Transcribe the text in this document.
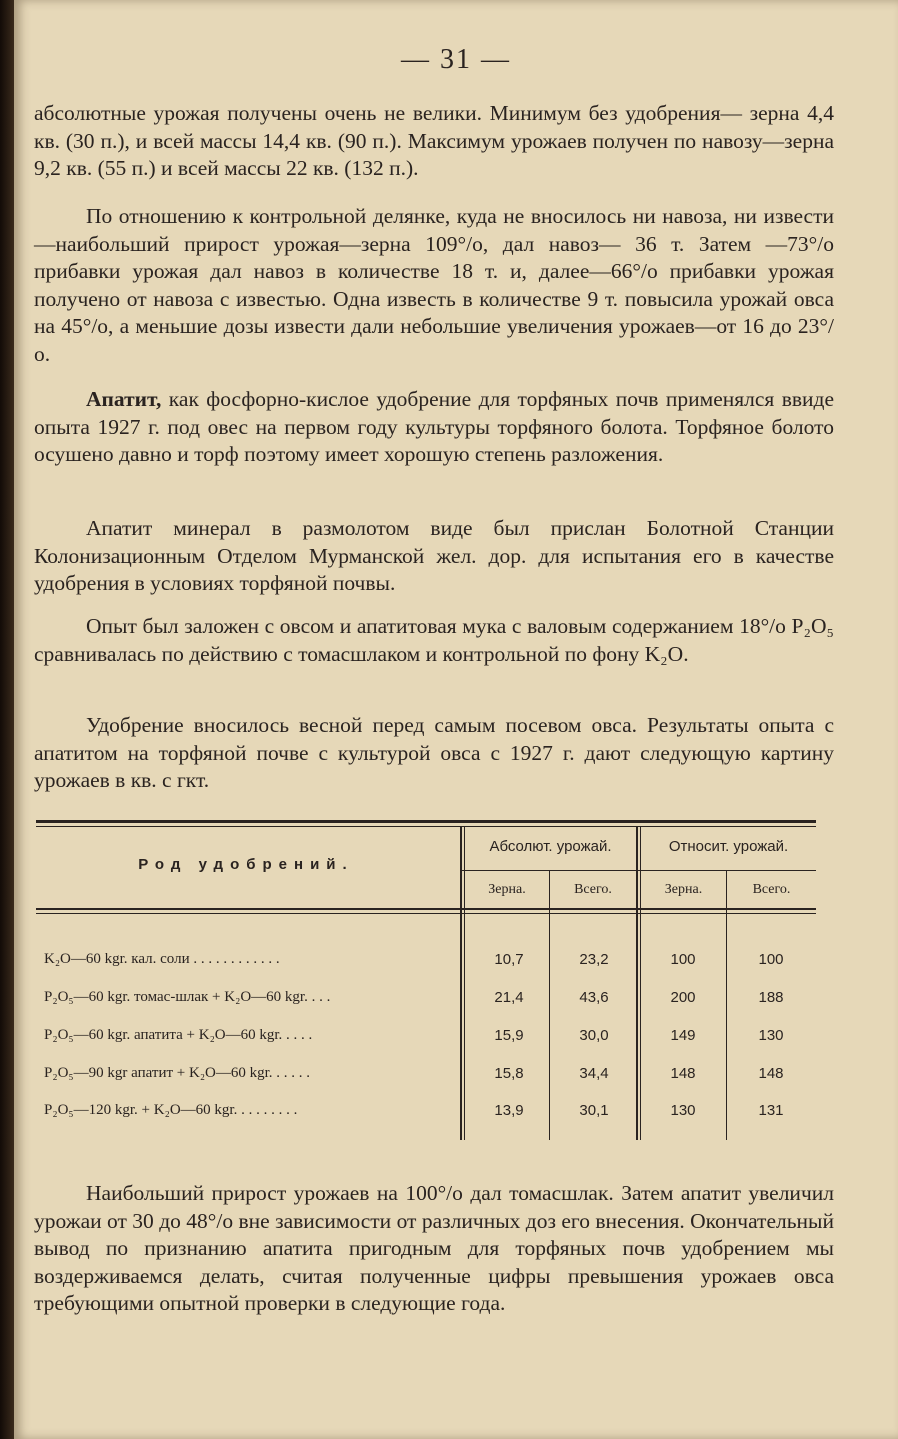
— 31 —

абсолютные урожая получены очень не велики. Минимум без удобрения— зерна 4,4 кв. (30 п.), и всей массы 14,4 кв. (90 п.). Максимум урожаев получен по навозу—зерна 9,2 кв. (55 п.) и всей массы 22 кв. (132 п.).

По отношению к контрольной делянке, куда не вносилось ни навоза, ни извести—наибольший прирост урожая—зерна 109°/о, дал навоз— 36 т. Затем —73°/о прибавки урожая дал навоз в количестве 18 т. и, далее—66°/о прибавки урожая получено от навоза с известью. Одна известь в количестве 9 т. повысила урожай овса на 45°/о, а меньшие дозы извести дали небольшие увеличения урожаев—от 16 до 23°/о.

Апатит, как фосфорно-кислое удобрение для торфяных почв применялся ввиде опыта 1927 г. под овес на первом году культуры торфяного болота. Торфяное болото осушено давно и торф поэтому имеет хорошую степень разложения.

Апатит минерал в размолотом виде был прислан Болотной Станции Колонизационным Отделом Мурманской жел. дор. для испытания его в качестве удобрения в условиях торфяной почвы.

Опыт был заложен с овсом и апатитовая мука с валовым содержанием 18°/о P₂O₅ сравнивалась по действию с томасшлаком и контрольной по фону K₂O.

Удобрение вносилось весной перед самым посевом овса. Результаты опыта с апатитом на торфяной почве с культурой овса с 1927 г. дают следующую картину урожаев в кв. с гкт.

Род удобрений.
Абсолют. урожай.	Относит. урожай.
Зерна.	Всего.	Зерна.	Всего.
K₂O—60 kgr. кал. соли . . . . . . . . . . . .	10,7	23,2	100	100
P₂O₅—60 kgr. томас-шлак + K₂O—60 kgr. . . .	21,4	43,6	200	188
P₂O₅—60 kgr. апатита + K₂O—60 kgr. . . . .	15,9	30,0	149	130
P₂O₅—90 kgr апатит + K₂O—60 kgr. . . . . .	15,8	34,4	148	148
P₂O₅—120 kgr. + K₂O—60 kgr. . . . . . . . .	13,9	30,1	130	131

Наибольший прирост урожаев на 100°/о дал томасшлак. Затем апатит увеличил урожаи от 30 до 48°/о вне зависимости от различных доз его внесения. Окончательный вывод по признанию апатита пригодным для торфяных почв удобрением мы воздерживаемся делать, считая полученные цифры превышения урожаев овса требующими опытной проверки в следующие года.
